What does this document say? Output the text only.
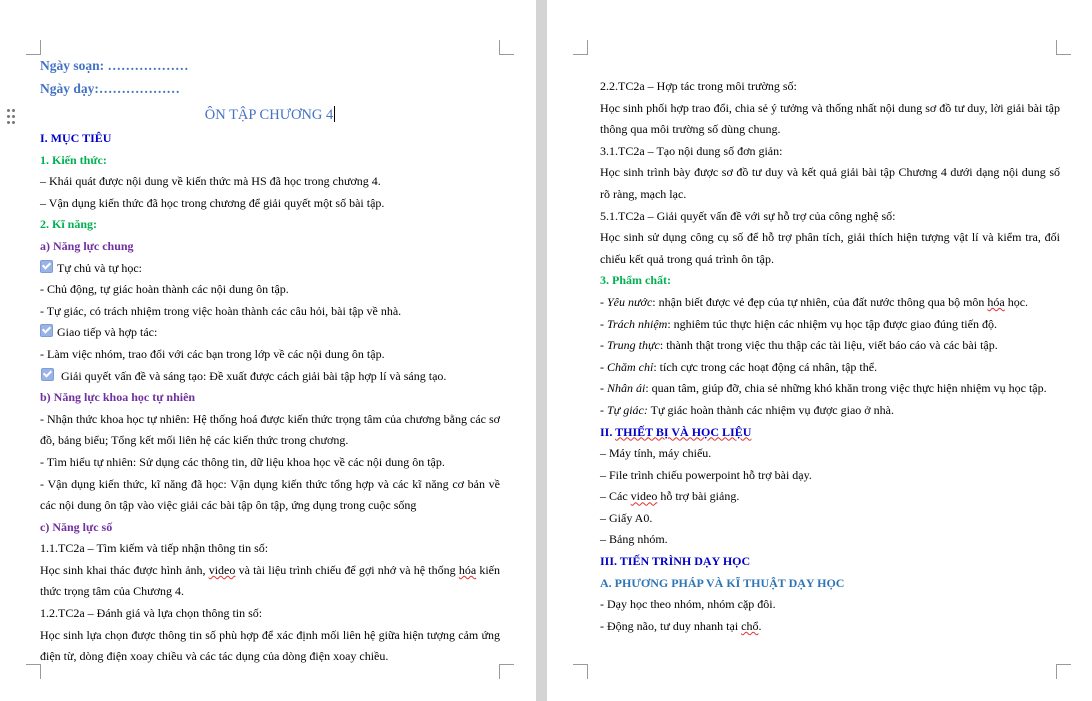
Ngày soạn: ………………
Ngày dạy:………………
ÔN TẬP CHƯƠNG 4
I. MỤC TIÊU
1. Kiến thức:
– Khái quát được nội dung về kiến thức mà HS đã học trong chương 4.
– Vận dụng kiến thức đã học trong chương để giải quyết một số bài tập.
2. Kĩ năng:
a) Năng lực chung
Tự chủ và tự học:
- Chủ động, tự giác hoàn thành các nội dung ôn tập.
- Tự giác, có trách nhiệm trong việc hoàn thành các câu hỏi, bài tập về nhà.
Giao tiếp và hợp tác:
- Làm việc nhóm, trao đổi với các bạn trong lớp về các nội dung ôn tập.
Giải quyết vấn đề và sáng tạo: Đề xuất được cách giải bài tập hợp lí và sáng tạo.
b) Năng lực khoa học tự nhiên
- Nhận thức khoa học tự nhiên: Hệ thống hoá được kiến thức trọng tâm của chương bằng các sơ đồ, bảng biểu; Tổng kết mối liên hệ các kiến thức trong chương.
- Tìm hiểu tự nhiên: Sử dụng các thông tin, dữ liệu khoa học về các nội dung ôn tập.
- Vận dụng kiến thức, kĩ năng đã học: Vận dụng kiến thức tổng hợp và các kĩ năng cơ bản về các nội dung ôn tập vào việc giải các bài tập ôn tập, ứng dụng trong cuộc sống
c) Năng lực số
1.1.TC2a – Tìm kiếm và tiếp nhận thông tin số:
Học sinh khai thác được hình ảnh, video và tài liệu trình chiếu để gợi nhớ và hệ thống hóa kiến thức trọng tâm của Chương 4.
1.2.TC2a – Đánh giá và lựa chọn thông tin số:
Học sinh lựa chọn được thông tin số phù hợp để xác định mối liên hệ giữa hiện tượng cảm ứng điện từ, dòng điện xoay chiều và các tác dụng của dòng điện xoay chiều.
2.2.TC2a – Hợp tác trong môi trường số:
Học sinh phối hợp trao đổi, chia sẻ ý tưởng và thống nhất nội dung sơ đồ tư duy, lời giải bài tập thông qua môi trường số dùng chung.
3.1.TC2a – Tạo nội dung số đơn giản:
Học sinh trình bày được sơ đồ tư duy và kết quả giải bài tập Chương 4 dưới dạng nội dung số rõ ràng, mạch lạc.
5.1.TC2a – Giải quyết vấn đề với sự hỗ trợ của công nghệ số:
Học sinh sử dụng công cụ số để hỗ trợ phân tích, giải thích hiện tượng vật lí và kiểm tra, đối chiếu kết quả trong quá trình ôn tập.
3. Phẩm chất:
- Yêu nước: nhận biết được vẻ đẹp của tự nhiên, của đất nước thông qua bộ môn hóa học.
- Trách nhiệm: nghiêm túc thực hiện các nhiệm vụ học tập được giao đúng tiến độ.
- Trung thực: thành thật trong việc thu thập các tài liệu, viết báo cáo và các bài tập.
- Chăm chỉ: tích cực trong các hoạt động cá nhân, tập thể.
- Nhân ái: quan tâm, giúp đỡ, chia sẻ những khó khăn trong việc thực hiện nhiệm vụ học tập.
- Tự giác: Tự giác hoàn thành các nhiệm vụ được giao ở nhà.
II. THIẾT BỊ VÀ HỌC LIỆU
– Máy tính, máy chiếu.
– File trình chiếu powerpoint hỗ trợ bài dạy.
– Các video hỗ trợ bài giảng.
– Giấy A0.
– Bảng nhóm.
III. TIẾN TRÌNH DẠY HỌC
A. PHƯƠNG PHÁP VÀ KĨ THUẬT DẠY HỌC
- Dạy học theo nhóm, nhóm cặp đôi.
- Động não, tư duy nhanh tại chổ.
